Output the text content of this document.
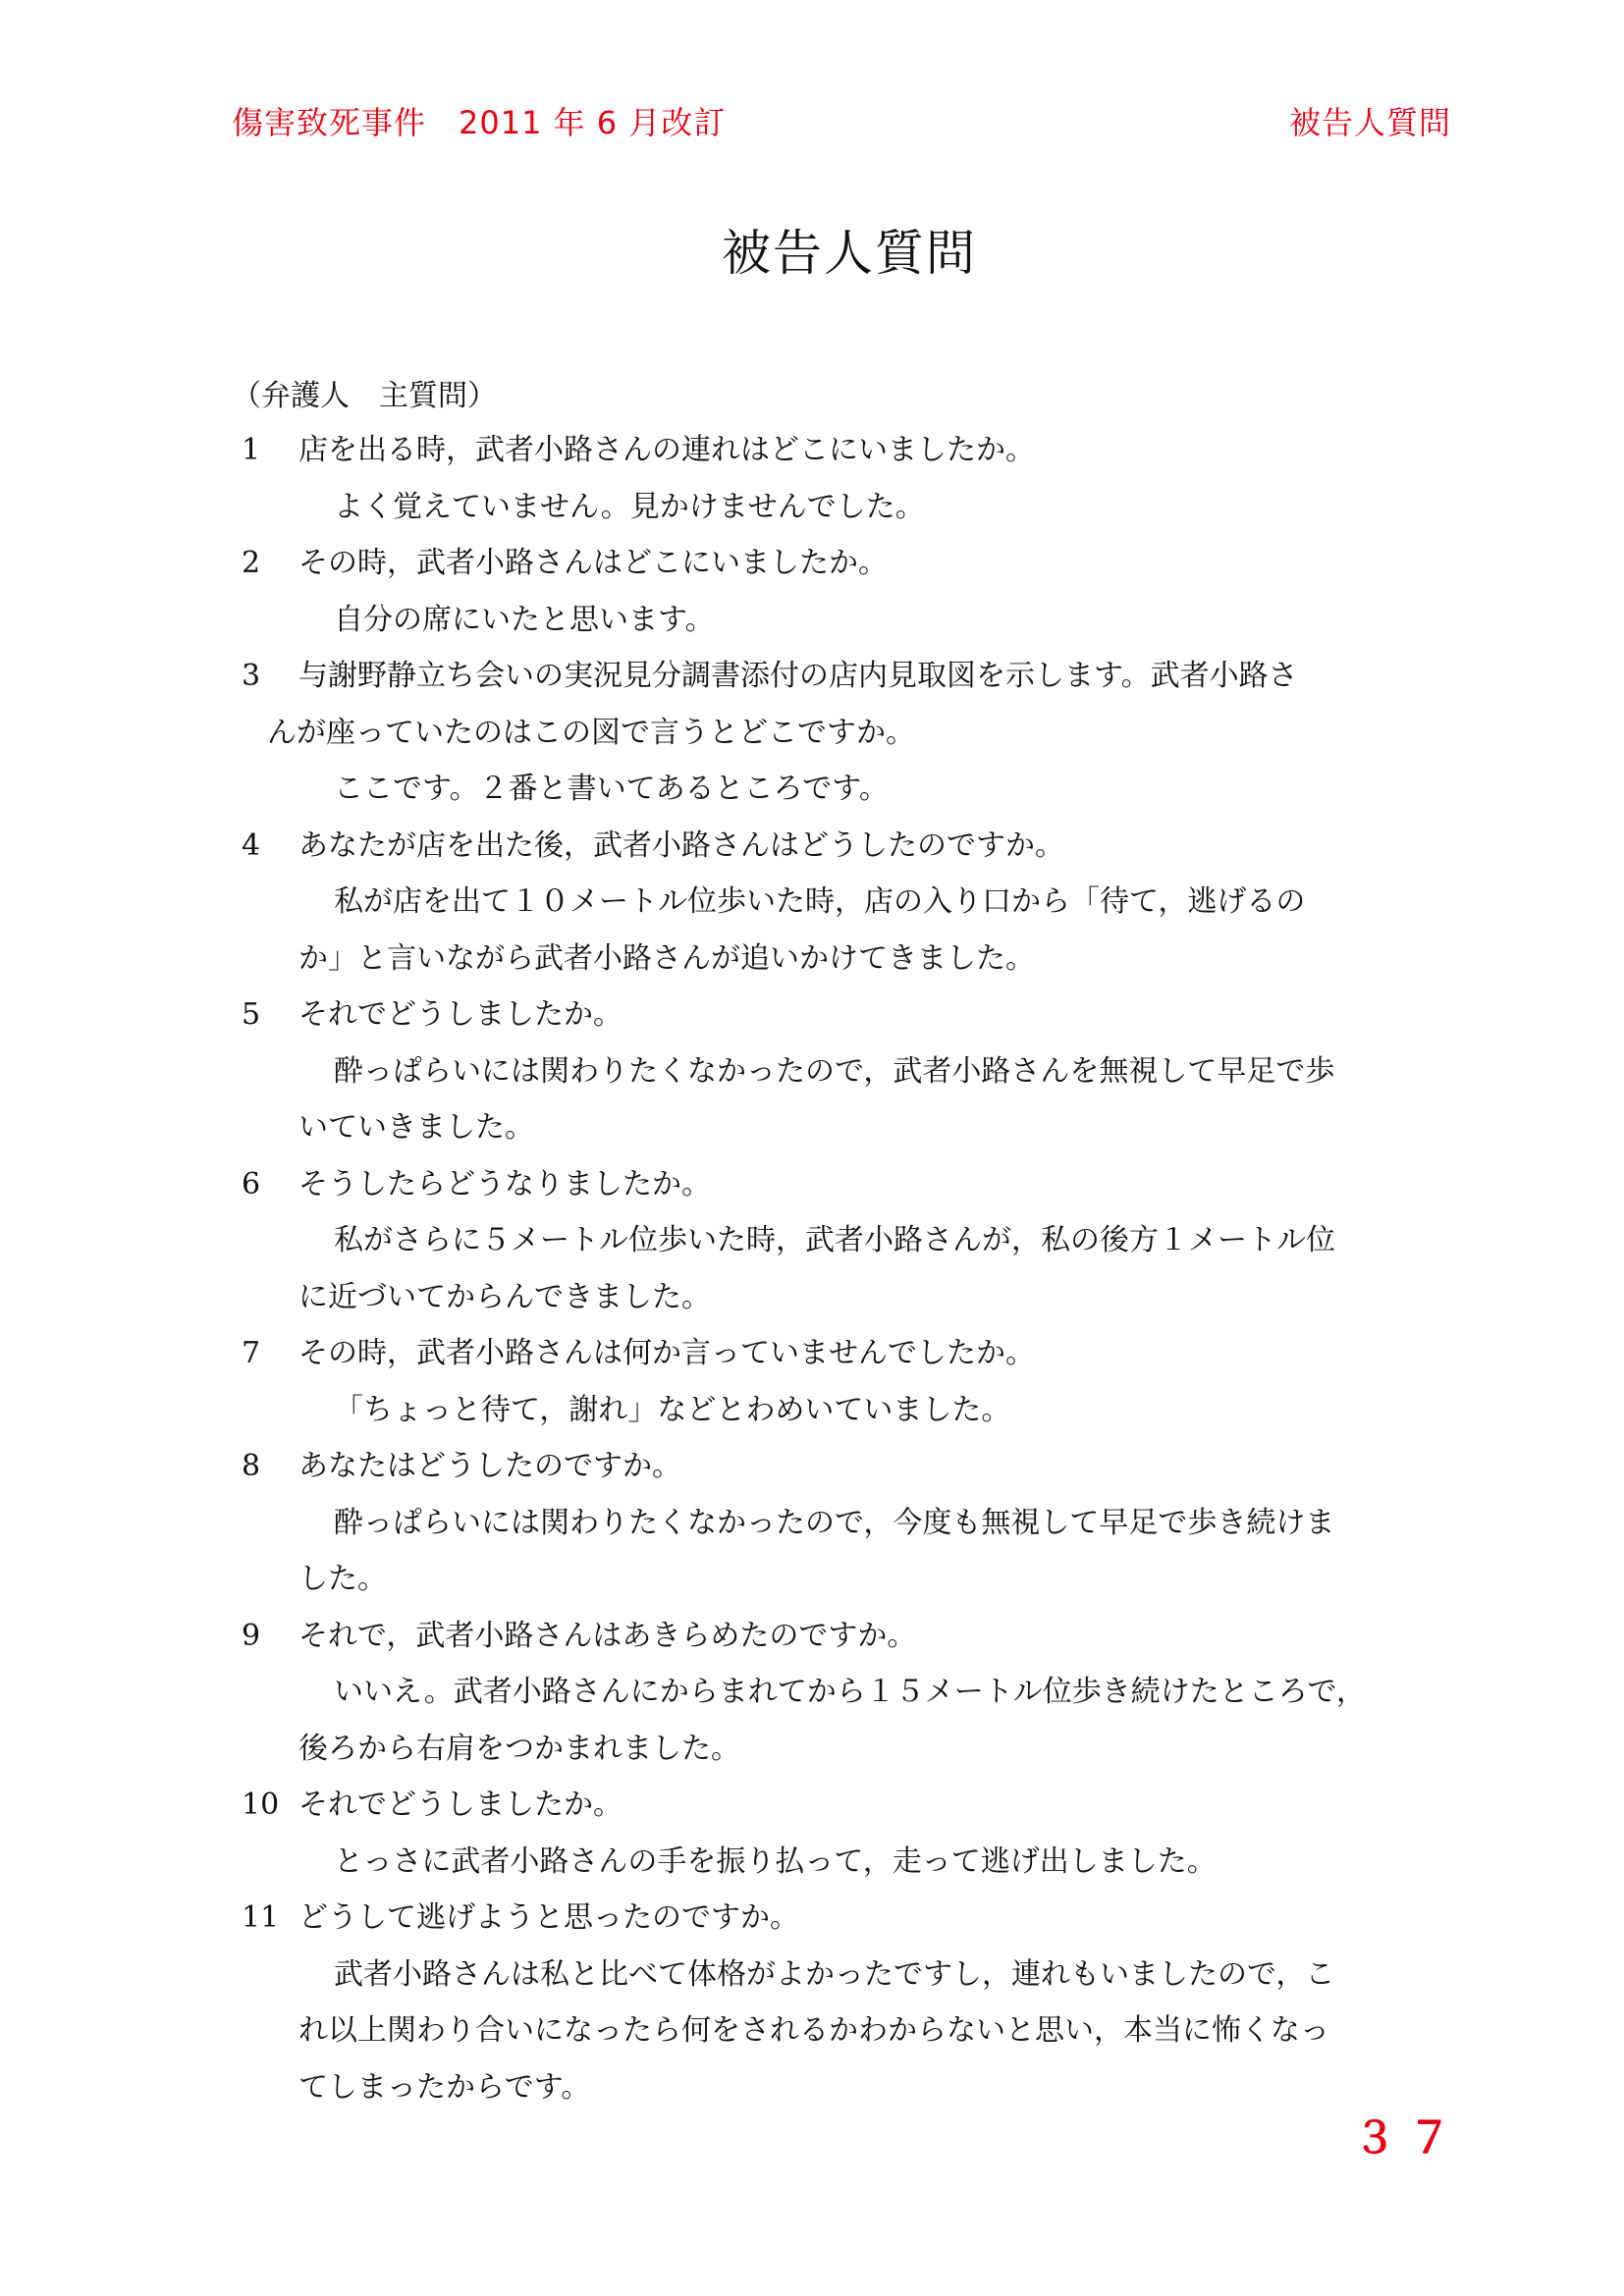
傷害致死事件　2011 年 6 月改訂	被告人質問
被告人質問
（弁護人　主質問）
1	店を出る時，武者小路さんの連れはどこにいましたか。
よく覚えていません。見かけませんでした。
2	その時，武者小路さんはどこにいましたか。
自分の席にいたと思います。
3	与謝野静立ち会いの実況見分調書添付の店内見取図を示します。武者小路さ
んが座っていたのはこの図で言うとどこですか。
ここです。２番と書いてあるところです。
4	あなたが店を出た後，武者小路さんはどうしたのですか。
私が店を出て１０メートル位歩いた時，店の入り口から「待て，逃げるの
か」と言いながら武者小路さんが追いかけてきました。
5	それでどうしましたか。
酔っぱらいには関わりたくなかったので，武者小路さんを無視して早足で歩
いていきました。
6	そうしたらどうなりましたか。
私がさらに５メートル位歩いた時，武者小路さんが，私の後方１メートル位
に近づいてからんできました。
7	その時，武者小路さんは何か言っていませんでしたか。
「ちょっと待て，謝れ」などとわめいていました。
8	あなたはどうしたのですか。
酔っぱらいには関わりたくなかったので，今度も無視して早足で歩き続けま
した。
9	それで，武者小路さんはあきらめたのですか。
いいえ。武者小路さんにからまれてから１５メートル位歩き続けたところで，
後ろから右肩をつかまれました。
10 それでどうしましたか。
とっさに武者小路さんの手を振り払って，走って逃げ出しました。
11 どうして逃げようと思ったのですか。
武者小路さんは私と比べて体格がよかったですし，連れもいましたので，こ
れ以上関わり合いになったら何をされるかわからないと思い，本当に怖くなっ
てしまったからです。
３７
